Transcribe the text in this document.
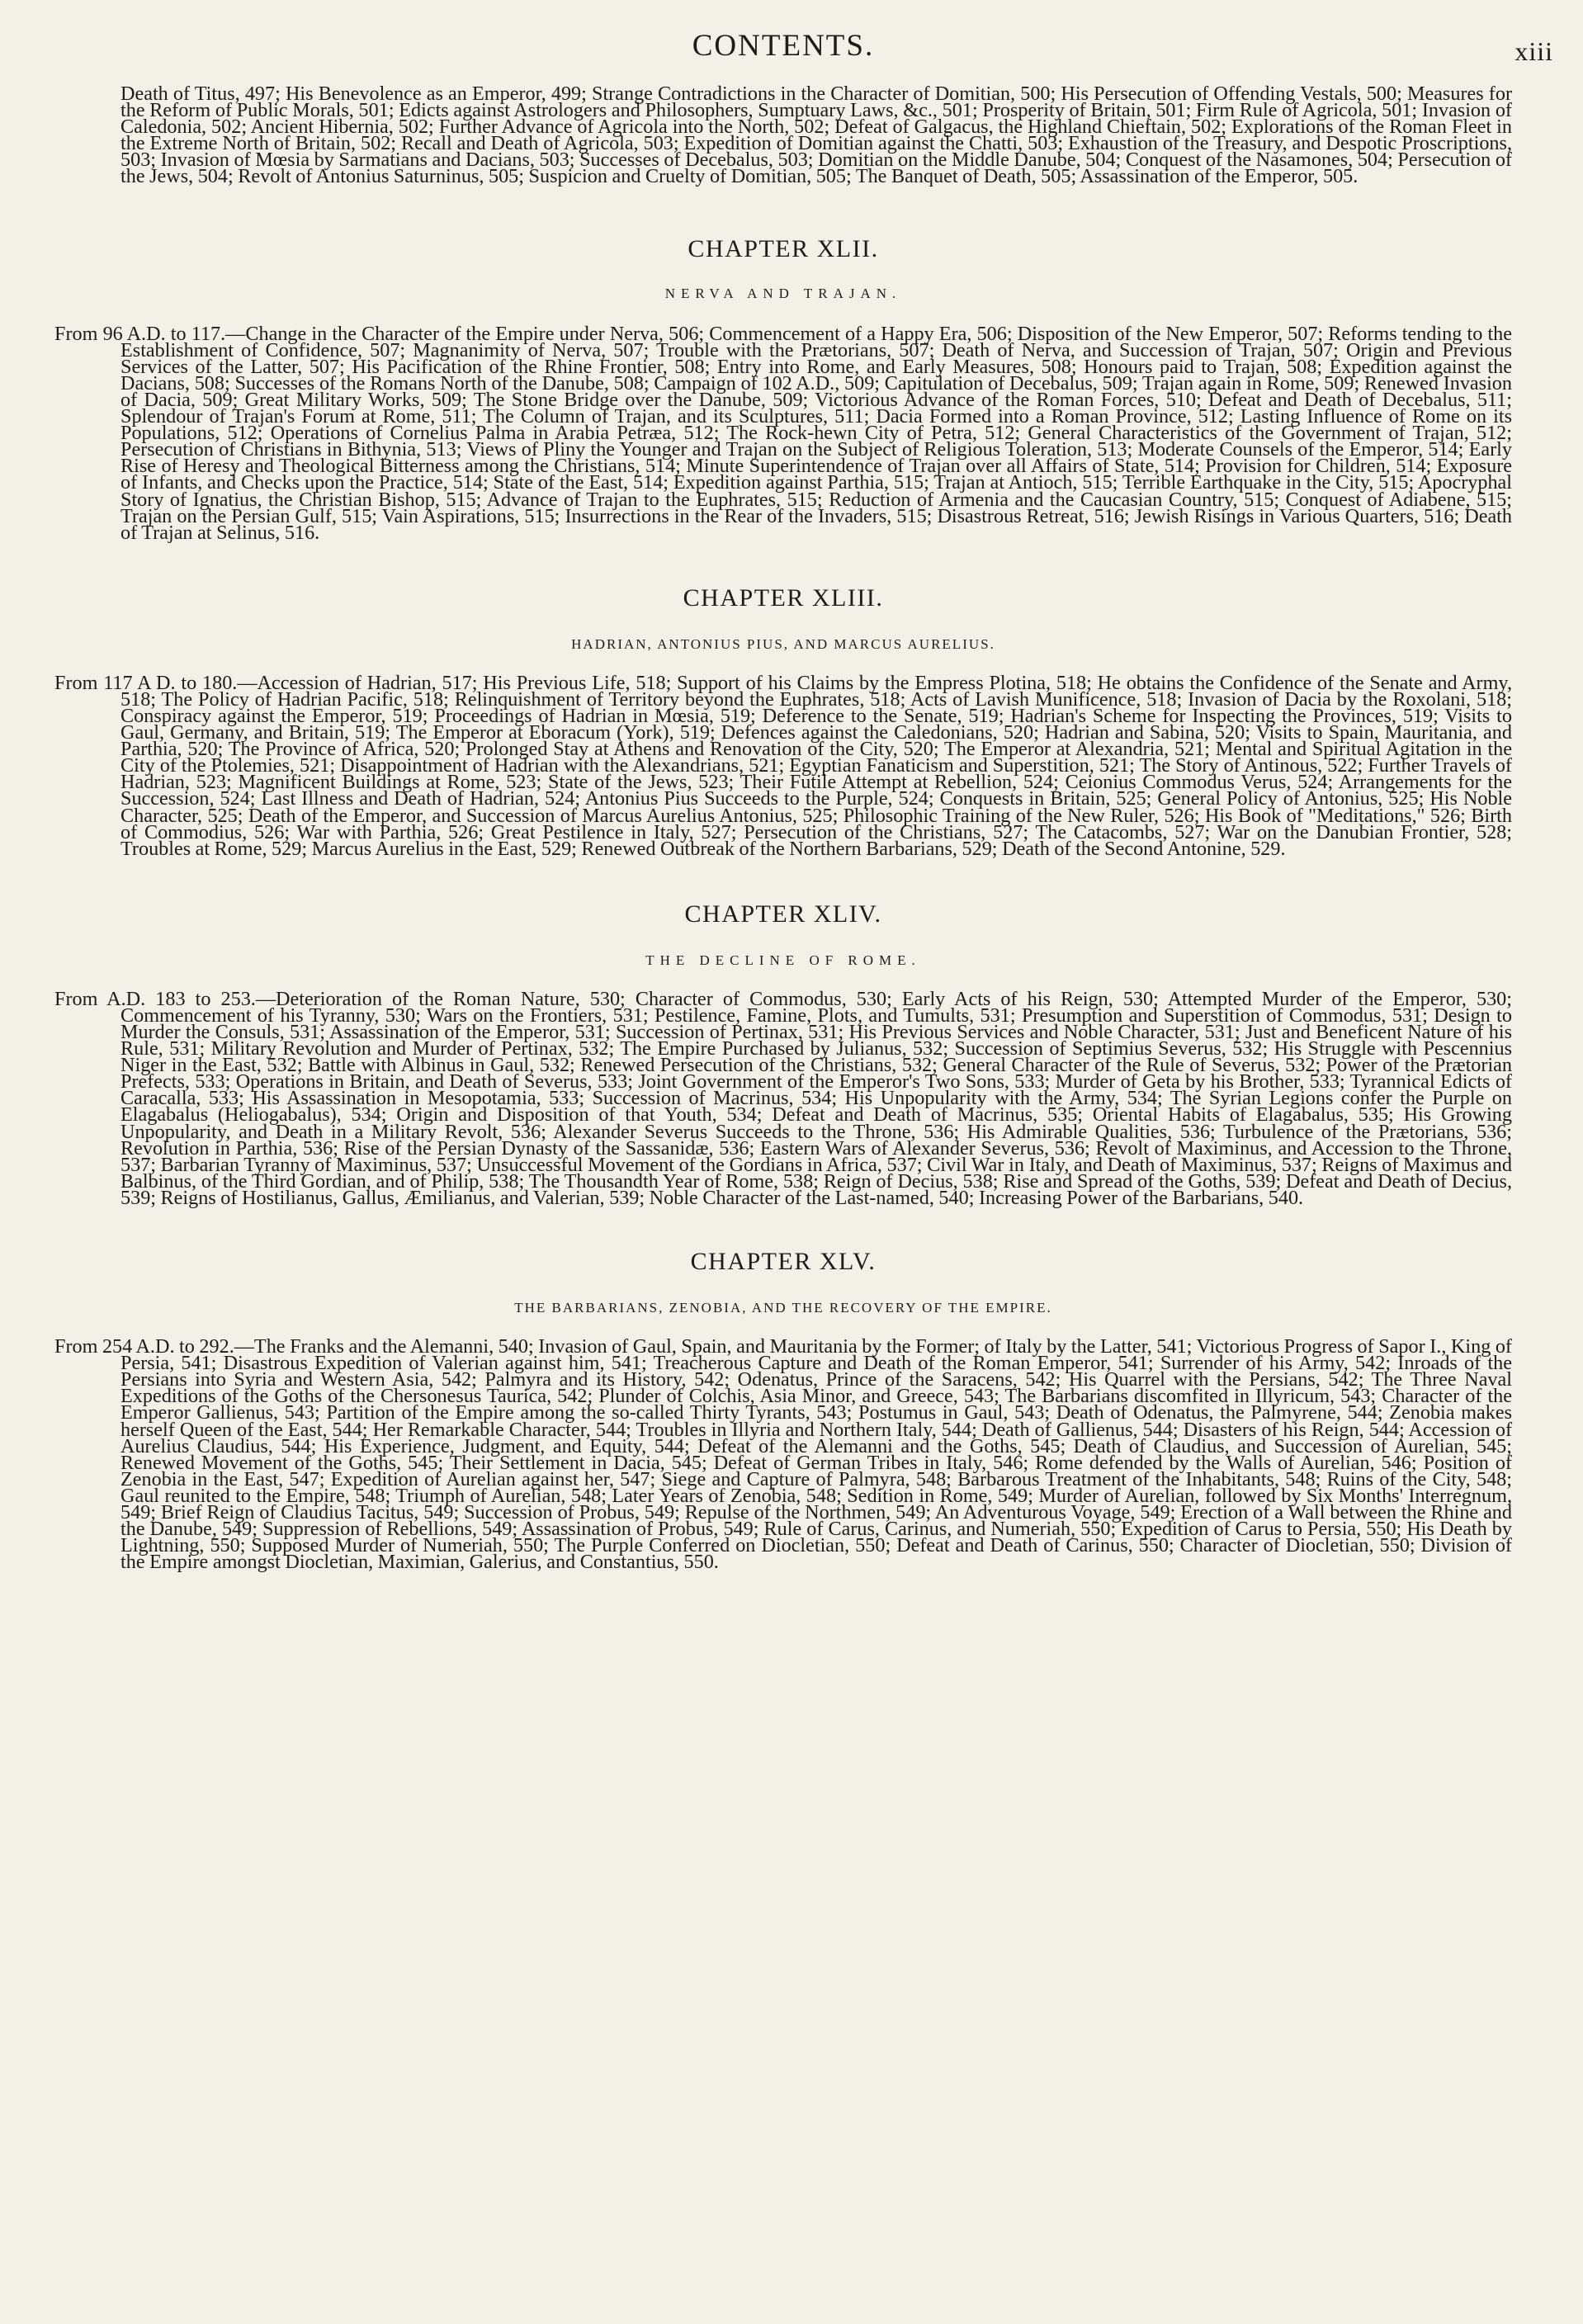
CONTENTS.	xiii

Death of Titus, 497; His Benevolence as an Emperor, 499; Strange Contradictions in the Character of Domitian, 500; His Persecution of Offending Vestals, 500; Measures for the Reform of Public Morals, 501; Edicts against Astrologers and Philosophers, Sumptuary Laws, &c., 501; Prosperity of Britain, 501; Firm Rule of Agricola, 501; Invasion of Caledonia, 502; Ancient Hibernia, 502; Further Advance of Agricola into the North, 502; Defeat of Galgacus, the Highland Chieftain, 502; Explorations of the Roman Fleet in the Extreme North of Britain, 502; Recall and Death of Agricola, 503; Expedition of Domitian against the Chatti, 503; Exhaustion of the Treasury, and Despotic Proscriptions, 503; Invasion of Mœsia by Sarmatians and Dacians, 503; Successes of Decebalus, 503; Domitian on the Middle Danube, 504; Conquest of the Nasamones, 504; Persecution of the Jews, 504; Revolt of Antonius Saturninus, 505; Suspicion and Cruelty of Domitian, 505; The Banquet of Death, 505; Assassination of the Emperor, 505.

CHAPTER XLII.
NERVA AND TRAJAN.

From 96 A.D. to 117.—Change in the Character of the Empire under Nerva, 506; Commencement of a Happy Era, 506; Disposition of the New Emperor, 507; Reforms tending to the Establishment of Confidence, 507; Magnanimity of Nerva, 507; Trouble with the Prætorians, 507; Death of Nerva, and Succession of Trajan, 507; Origin and Previous Services of the Latter, 507; His Pacification of the Rhine Frontier, 508; Entry into Rome, and Early Measures, 508; Honours paid to Trajan, 508; Expedition against the Dacians, 508; Successes of the Romans North of the Danube, 508; Campaign of 102 A.D., 509; Capitulation of Decebalus, 509; Trajan again in Rome, 509; Renewed Invasion of Dacia, 509; Great Military Works, 509; The Stone Bridge over the Danube, 509; Victorious Advance of the Roman Forces, 510; Defeat and Death of Decebalus, 511; Splendour of Trajan's Forum at Rome, 511; The Column of Trajan, and its Sculptures, 511; Dacia Formed into a Roman Province, 512; Lasting Influence of Rome on its Populations, 512; Operations of Cornelius Palma in Arabia Petræa, 512; The Rock-hewn City of Petra, 512; General Characteristics of the Government of Trajan, 512; Persecution of Christians in Bithynia, 513; Views of Pliny the Younger and Trajan on the Subject of Religious Toleration, 513; Moderate Counsels of the Emperor, 514; Early Rise of Heresy and Theological Bitterness among the Christians, 514; Minute Superintendence of Trajan over all Affairs of State, 514; Provision for Children, 514; Exposure of Infants, and Checks upon the Practice, 514; State of the East, 514; Expedition against Parthia, 515; Trajan at Antioch, 515; Terrible Earthquake in the City, 515; Apocryphal Story of Ignatius, the Christian Bishop, 515; Advance of Trajan to the Euphrates, 515; Reduction of Armenia and the Caucasian Country, 515; Conquest of Adiabene, 515; Trajan on the Persian Gulf, 515; Vain Aspirations, 515; Insurrections in the Rear of the Invaders, 515; Disastrous Retreat, 516; Jewish Risings in Various Quarters, 516; Death of Trajan at Selinus, 516.

CHAPTER XLIII.
HADRIAN, ANTONIUS PIUS, AND MARCUS AURELIUS.

From 117 A D. to 180.—Accession of Hadrian, 517; His Previous Life, 518; Support of his Claims by the Empress Plotina, 518; He obtains the Confidence of the Senate and Army, 518; The Policy of Hadrian Pacific, 518; Relinquishment of Territory beyond the Euphrates, 518; Acts of Lavish Munificence, 518; Invasion of Dacia by the Roxolani, 518; Conspiracy against the Emperor, 519; Proceedings of Hadrian in Mœsia, 519; Deference to the Senate, 519; Hadrian's Scheme for Inspecting the Provinces, 519; Visits to Gaul, Germany, and Britain, 519; The Emperor at Eboracum (York), 519; Defences against the Caledonians, 520; Hadrian and Sabina, 520; Visits to Spain, Mauritania, and Parthia, 520; The Province of Africa, 520; Prolonged Stay at Athens and Renovation of the City, 520; The Emperor at Alexandria, 521; Mental and Spiritual Agitation in the City of the Ptolemies, 521; Disappointment of Hadrian with the Alexandrians, 521; Egyptian Fanaticism and Superstition, 521; The Story of Antinous, 522; Further Travels of Hadrian, 523; Magnificent Buildings at Rome, 523; State of the Jews, 523; Their Futile Attempt at Rebellion, 524; Ceionius Commodus Verus, 524; Arrangements for the Succession, 524; Last Illness and Death of Hadrian, 524; Antonius Pius Succeeds to the Purple, 524; Conquests in Britain, 525; General Policy of Antonius, 525; His Noble Character, 525; Death of the Emperor, and Succession of Marcus Aurelius Antonius, 525; Philosophic Training of the New Ruler, 526; His Book of "Meditations," 526; Birth of Commodius, 526; War with Parthia, 526; Great Pestilence in Italy, 527; Persecution of the Christians, 527; The Catacombs, 527; War on the Danubian Frontier, 528; Troubles at Rome, 529; Marcus Aurelius in the East, 529; Renewed Outbreak of the Northern Barbarians, 529; Death of the Second Antonine, 529.

CHAPTER XLIV.
THE DECLINE OF ROME.

From A.D. 183 to 253.—Deterioration of the Roman Nature, 530; Character of Commodus, 530; Early Acts of his Reign, 530; Attempted Murder of the Emperor, 530; Commencement of his Tyranny, 530; Wars on the Frontiers, 531; Pestilence, Famine, Plots, and Tumults, 531; Presumption and Superstition of Commodus, 531; Design to Murder the Consuls, 531; Assassination of the Emperor, 531; Succession of Pertinax, 531; His Previous Services and Noble Character, 531; Just and Beneficent Nature of his Rule, 531; Military Revolution and Murder of Pertinax, 532; The Empire Purchased by Julianus, 532; Succession of Septimius Severus, 532; His Struggle with Pescennius Niger in the East, 532; Battle with Albinus in Gaul, 532; Renewed Persecution of the Christians, 532; General Character of the Rule of Severus, 532; Power of the Prætorian Prefects, 533; Operations in Britain, and Death of Severus, 533; Joint Government of the Emperor's Two Sons, 533; Murder of Geta by his Brother, 533; Tyrannical Edicts of Caracalla, 533; His Assassination in Mesopotamia, 533; Succession of Macrinus, 534; His Unpopularity with the Army, 534; The Syrian Legions confer the Purple on Elagabalus (Heliogabalus), 534; Origin and Disposition of that Youth, 534; Defeat and Death of Macrinus, 535; Oriental Habits of Elagabalus, 535; His Growing Unpopularity, and Death in a Military Revolt, 536; Alexander Severus Succeeds to the Throne, 536; His Admirable Qualities, 536; Turbulence of the Prætorians, 536; Revolution in Parthia, 536; Rise of the Persian Dynasty of the Sassanidæ, 536; Eastern Wars of Alexander Severus, 536; Revolt of Maximinus, and Accession to the Throne, 537; Barbarian Tyranny of Maximinus, 537; Unsuccessful Movement of the Gordians in Africa, 537; Civil War in Italy, and Death of Maximinus, 537; Reigns of Maximus and Balbinus, of the Third Gordian, and of Philip, 538; The Thousandth Year of Rome, 538; Reign of Decius, 538; Rise and Spread of the Goths, 539; Defeat and Death of Decius, 539; Reigns of Hostilianus, Gallus, Æmilianus, and Valerian, 539; Noble Character of the Last-named, 540; Increasing Power of the Barbarians, 540.

CHAPTER XLV.
THE BARBARIANS, ZENOBIA, AND THE RECOVERY OF THE EMPIRE.

From 254 A.D. to 292.—The Franks and the Alemanni, 540; Invasion of Gaul, Spain, and Mauritania by the Former; of Italy by the Latter, 541; Victorious Progress of Sapor I., King of Persia, 541; Disastrous Expedition of Valerian against him, 541; Treacherous Capture and Death of the Roman Emperor, 541; Surrender of his Army, 542; Inroads of the Persians into Syria and Western Asia, 542; Palmyra and its History, 542; Odenatus, Prince of the Saracens, 542; His Quarrel with the Persians, 542; The Three Naval Expeditions of the Goths of the Chersonesus Taurica, 542; Plunder of Colchis, Asia Minor, and Greece, 543; The Barbarians discomfited in Illyricum, 543; Character of the Emperor Gallienus, 543; Partition of the Empire among the so-called Thirty Tyrants, 543; Postumus in Gaul, 543; Death of Odenatus, the Palmyrene, 544; Zenobia makes herself Queen of the East, 544; Her Remarkable Character, 544; Troubles in Illyria and Northern Italy, 544; Death of Gallienus, 544; Disasters of his Reign, 544; Accession of Aurelius Claudius, 544; His Experience, Judgment, and Equity, 544; Defeat of the Alemanni and the Goths, 545; Death of Claudius, and Succession of Aurelian, 545; Renewed Movement of the Goths, 545; Their Settlement in Dacia, 545; Defeat of German Tribes in Italy, 546; Rome defended by the Walls of Aurelian, 546; Position of Zenobia in the East, 547; Expedition of Aurelian against her, 547; Siege and Capture of Palmyra, 548; Barbarous Treatment of the Inhabitants, 548; Ruins of the City, 548; Gaul reunited to the Empire, 548; Triumph of Aurelian, 548; Later Years of Zenobia, 548; Sedition in Rome, 549; Murder of Aurelian, followed by Six Months' Interregnum, 549; Brief Reign of Claudius Tacitus, 549; Succession of Probus, 549; Repulse of the Northmen, 549; An Adventurous Voyage, 549; Erection of a Wall between the Rhine and the Danube, 549; Suppression of Rebellions, 549; Assassination of Probus, 549; Rule of Carus, Carinus, and Numeriah, 550; Expedition of Carus to Persia, 550; His Death by Lightning, 550; Supposed Murder of Numeriah, 550; The Purple Conferred on Diocletian, 550; Defeat and Death of Carinus, 550; Character of Diocletian, 550; Division of the Empire amongst Diocletian, Maximian, Galerius, and Constantius, 550.
